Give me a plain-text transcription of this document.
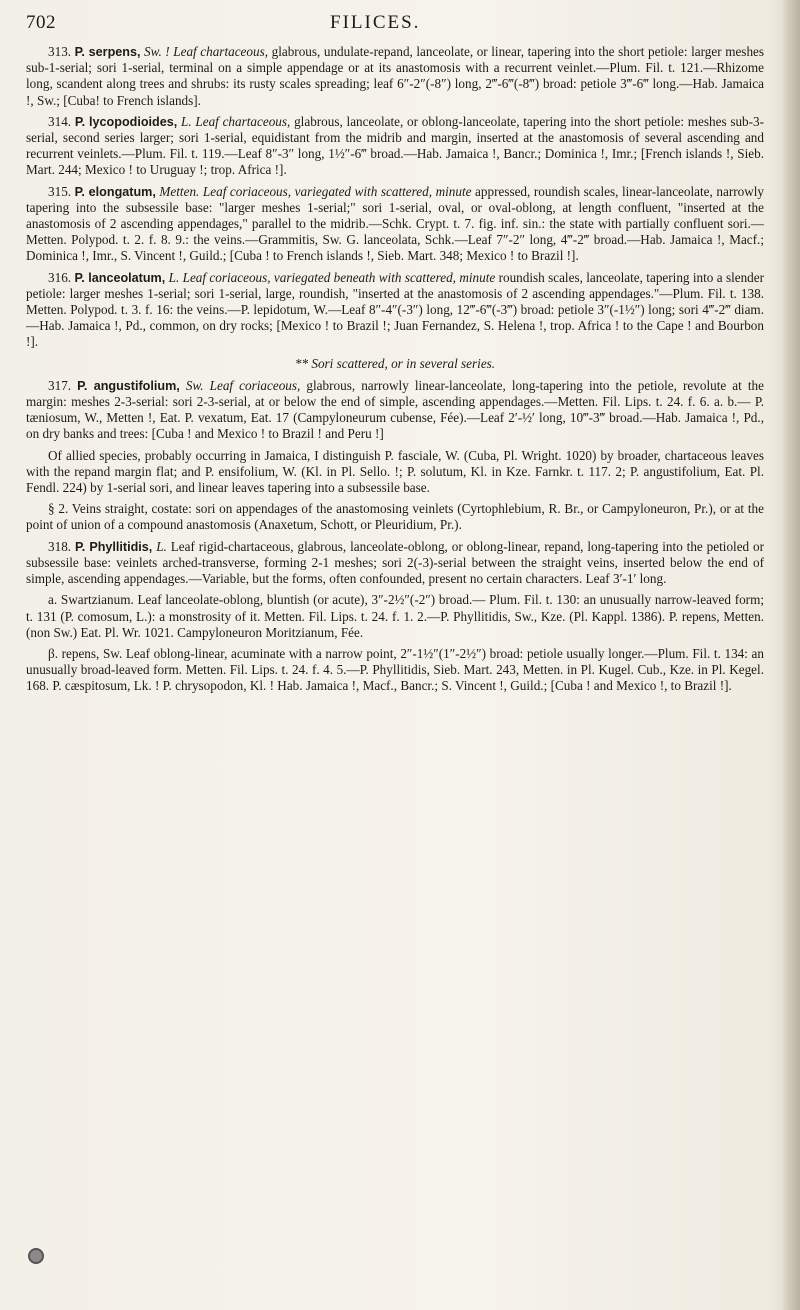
702	FILICES.

313. P. serpens, Sw. ! Leaf chartaceous, glabrous, undulate-repand, lanceolate, or linear, tapering into the short petiole: larger meshes sub-1-serial; sori 1-serial, terminal on a simple appendage or at its anastomosis with a recurrent veinlet.—Plum. Fil. t. 121.—Rhizome long, scandent along trees and shrubs: its rusty scales spreading; leaf 6″-2″(-8″) long, 2‴-6‴(-8‴) broad: petiole 3‴-6‴ long.—Hab. Jamaica !, Sw.; [Cuba! to French islands].

314. P. lycopodioides, L. Leaf chartaceous, glabrous, lanceolate, or oblong-lanceolate, tapering into the short petiole: meshes sub-3-serial, second series larger; sori 1-serial, equidistant from the midrib and margin, inserted at the anastomosis of several ascending and recurrent veinlets.—Plum. Fil. t. 119.—Leaf 8″-3″ long, 1½″-6‴ broad.—Hab. Jamaica !, Bancr.; Dominica !, Imr.; [French islands !, Sieb. Mart. 244; Mexico ! to Uruguay !; trop. Africa !].

315. P. elongatum, Metten. Leaf coriaceous, variegated with scattered, minute appressed, roundish scales, linear-lanceolate, narrowly tapering into the subsessile base: "larger meshes 1-serial;" sori 1-serial, oval, or oval-oblong, at length confluent, "inserted at the anastomosis of 2 ascending appendages," parallel to the midrib.—Schk. Crypt. t. 7. fig. inf. sin.: the state with partially confluent sori.—Metten. Polypod. t. 2. f. 8. 9.: the veins.—Grammitis, Sw. G. lanceolata, Schk.—Leaf 7″-2″ long, 4‴-2‴ broad.—Hab. Jamaica !, Macf.; Dominica !, Imr., S. Vincent !, Guild.; [Cuba ! to French islands !, Sieb. Mart. 348; Mexico ! to Brazil !].

316. P. lanceolatum, L. Leaf coriaceous, variegated beneath with scattered, minute roundish scales, lanceolate, tapering into a slender petiole: larger meshes 1-serial; sori 1-serial, large, roundish, "inserted at the anastomosis of 2 ascending appendages."—Plum. Fil. t. 138. Metten. Polypod. t. 3. f. 16: the veins.—P. lepidotum, W.—Leaf 8″-4″(-3″) long, 12‴-6‴(-3‴) broad: petiole 3″(-1½″) long; sori 4‴-2‴ diam.—Hab. Jamaica !, Pd., common, on dry rocks; [Mexico ! to Brazil !; Juan Fernandez, S. Helena !, trop. Africa ! to the Cape ! and Bourbon !].

** Sori scattered, or in several series.

317. P. angustifolium, Sw. Leaf coriaceous, glabrous, narrowly linear-lanceolate, long-tapering into the petiole, revolute at the margin: meshes 2-3-serial: sori 2-3-serial, at or below the end of simple, ascending appendages.—Metten. Fil. Lips. t. 24. f. 6. a. b.— P. tæniosum, W., Metten !, Eat. P. vexatum, Eat. 17 (Campyloneurum cubense, Fée).—Leaf 2′-½′ long, 10‴-3‴ broad.—Hab. Jamaica !, Pd., on dry banks and trees: [Cuba ! and Mexico ! to Brazil ! and Peru !]

Of allied species, probably occurring in Jamaica, I distinguish P. fasciale, W. (Cuba, Pl. Wright. 1020) by broader, chartaceous leaves with the repand margin flat; and P. ensifolium, W. (Kl. in Pl. Sello. !; P. solutum, Kl. in Kze. Farnkr. t. 117. 2; P. angustifolium, Eat. Pl. Fendl. 224) by 1-serial sori, and linear leaves tapering into a subsessile base.

§ 2. Veins straight, costate: sori on appendages of the anastomosing veinlets (Cyrtophlebium, R. Br., or Campyloneuron, Pr.), or at the point of union of a compound anastomosis (Anaxetum, Schott, or Pleuridium, Pr.).

318. P. Phyllitidis, L. Leaf rigid-chartaceous, glabrous, lanceolate-oblong, or oblong-linear, repand, long-tapering into the petioled or subsessile base: veinlets arched-transverse, forming 2-1 meshes; sori 2(-3)-serial between the straight veins, inserted below the end of simple, ascending appendages.—Variable, but the forms, often confounded, present no certain characters. Leaf 3′-1′ long.

a. Swartzianum. Leaf lanceolate-oblong, bluntish (or acute), 3″-2½″(-2″) broad.— Plum. Fil. t. 130: an unusually narrow-leaved form; t. 131 (P. comosum, L.): a monstrosity of it. Metten. Fil. Lips. t. 24. f. 1. 2.—P. Phyllitidis, Sw., Kze. (Pl. Kappl. 1386). P. repens, Metten. (non Sw.) Eat. Pl. Wr. 1021. Campyloneuron Moritzianum, Fée.

β. repens, Sw. Leaf oblong-linear, acuminate with a narrow point, 2″-1½″(1″-2½″) broad: petiole usually longer.—Plum. Fil. t. 134: an unusually broad-leaved form. Metten. Fil. Lips. t. 24. f. 4. 5.—P. Phyllitidis, Sieb. Mart. 243, Metten. in Pl. Kugel. Cub., Kze. in Pl. Kegel. 168. P. cæspitosum, Lk. ! P. chrysopodon, Kl. ! Hab. Jamaica !, Macf., Bancr.; S. Vincent !, Guild.; [Cuba ! and Mexico !, to Brazil !].
